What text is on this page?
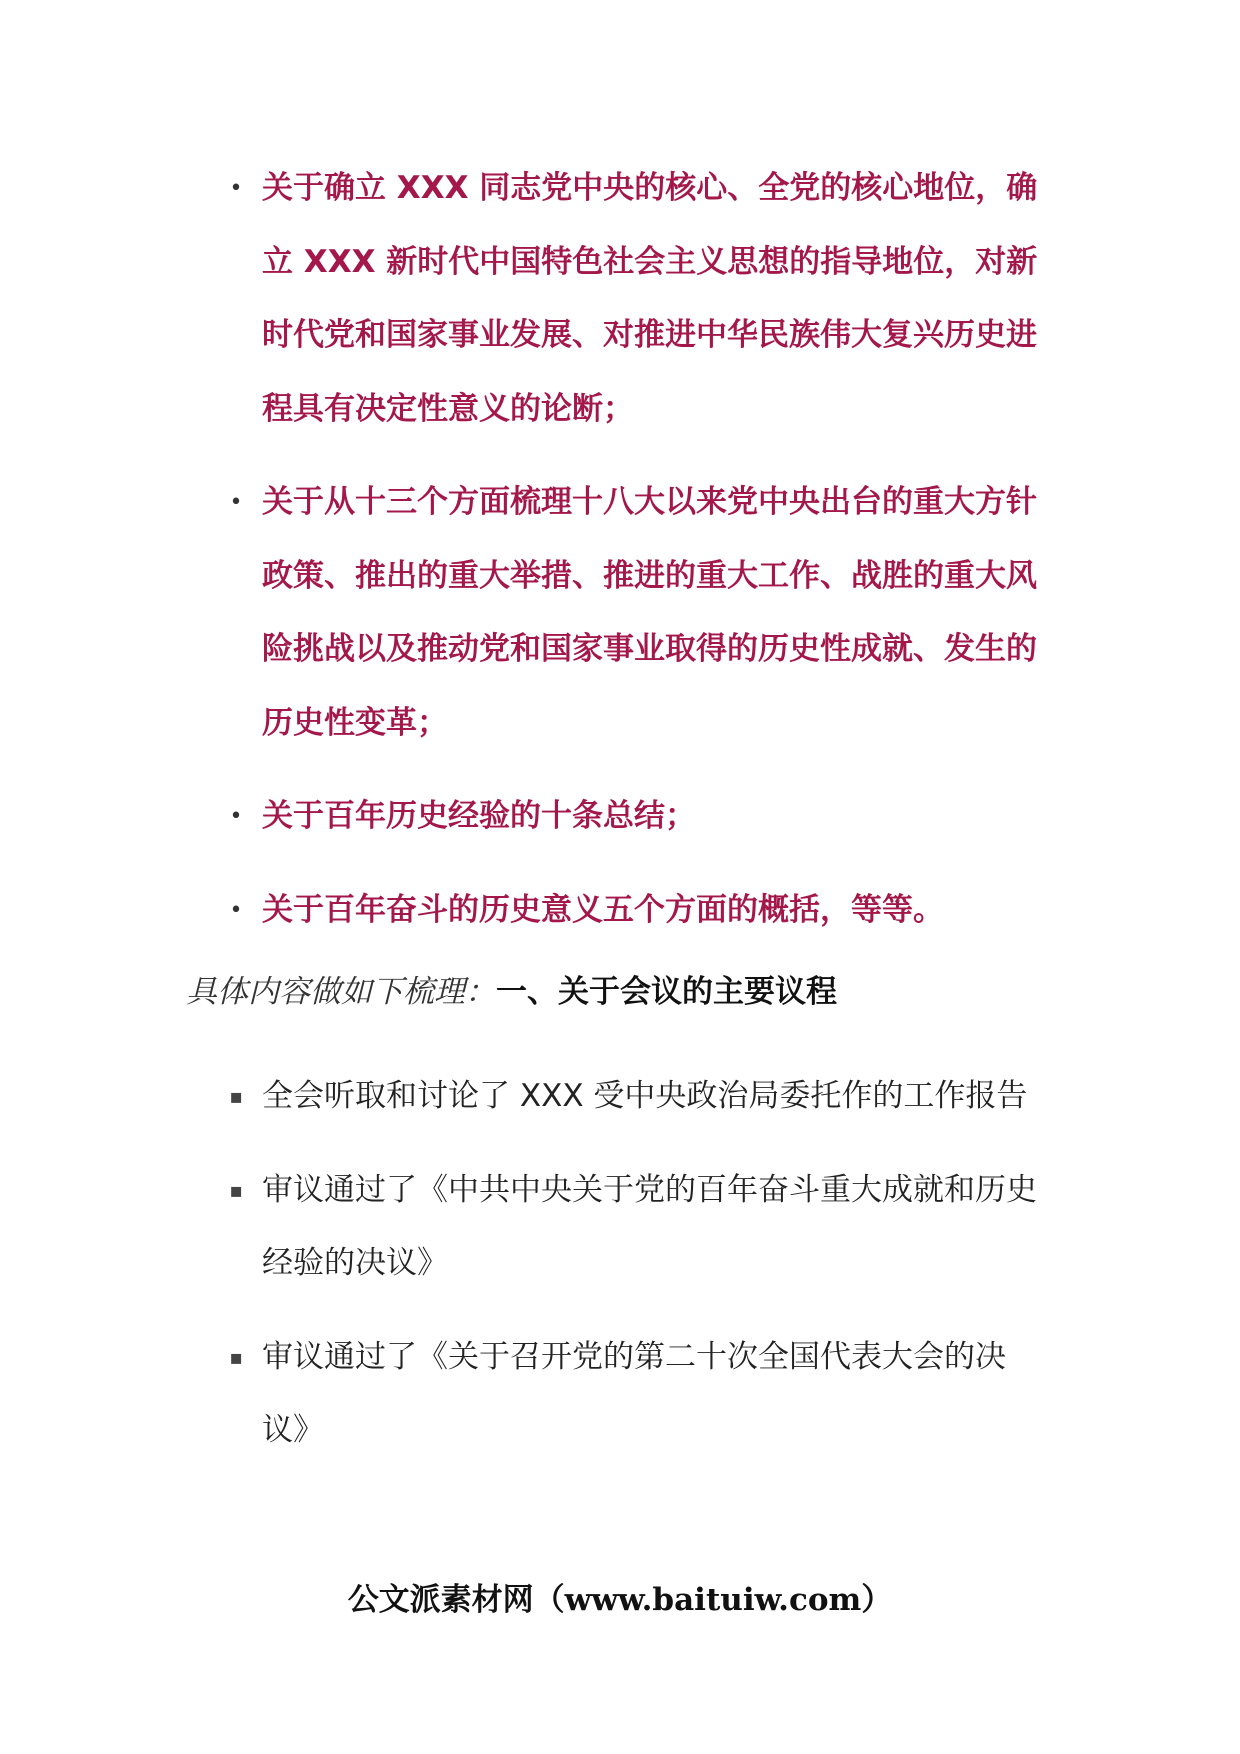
• 关于确立 XXX 同志党中央的核心、全党的核心地位，确立 XXX 新时代中国特色社会主义思想的指导地位，对新时代党和国家事业发展、对推进中华民族伟大复兴历史进程具有决定性意义的论断；
• 关于从十三个方面梳理十八大以来党中央出台的重大方针政策、推出的重大举措、推进的重大工作、战胜的重大风险挑战以及推动党和国家事业取得的历史性成就、发生的历史性变革；
• 关于百年历史经验的十条总结；
• 关于百年奋斗的历史意义五个方面的概括，等等。
具体内容做如下梳理：一、关于会议的主要议程
▪ 全会听取和讨论了 XXX 受中央政治局委托作的工作报告
▪ 审议通过了《中共中央关于党的百年奋斗重大成就和历史经验的决议》
▪ 审议通过了《关于召开党的第二十次全国代表大会的决议》
公文派素材网（www.baituiw.com）
